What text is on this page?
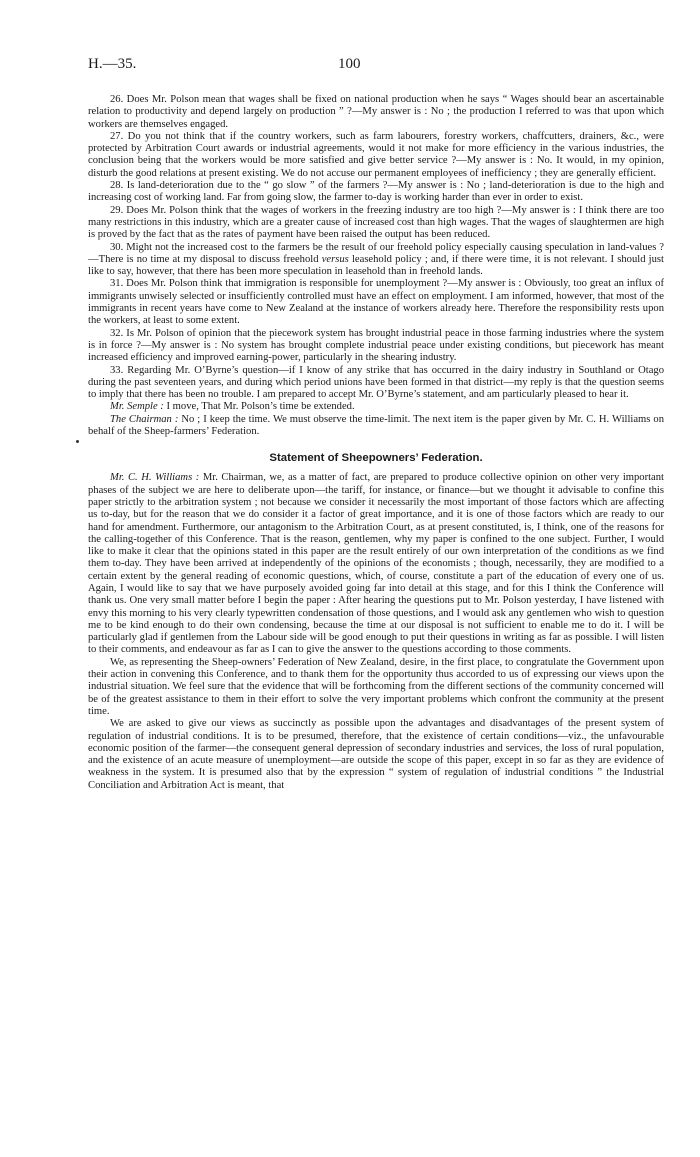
H.—35.	100

26. Does Mr. Polson mean that wages shall be fixed on national production when he says “ Wages should bear an ascertainable relation to productivity and depend largely on production ” ?—My answer is : No ; the production I referred to was that upon which workers are themselves engaged.

27. Do you not think that if the country workers, such as farm labourers, forestry workers, chaffcutters, drainers, &c., were protected by Arbitration Court awards or industrial agreements, would it not make for more efficiency in the various industries, the conclusion being that the workers would be more satisfied and give better service ?—My answer is : No. It would, in my opinion, disturb the good relations at present existing. We do not accuse our permanent employees of inefficiency ; they are generally efficient.

28. Is land-deterioration due to the “ go slow ” of the farmers ?—My answer is : No ; land-deterioration is due to the high and increasing cost of working land. Far from going slow, the farmer to-day is working harder than ever in order to exist.

29. Does Mr. Polson think that the wages of workers in the freezing industry are too high ?—My answer is : I think there are too many restrictions in this industry, which are a greater cause of increased cost than high wages. That the wages of slaughtermen are high is proved by the fact that as the rates of payment have been raised the output has been reduced.

30. Might not the increased cost to the farmers be the result of our freehold policy especially causing speculation in land-values ?—There is no time at my disposal to discuss freehold versus leasehold policy ; and, if there were time, it is not relevant. I should just like to say, however, that there has been more speculation in leasehold than in freehold lands.

31. Does Mr. Polson think that immigration is responsible for unemployment ?—My answer is : Obviously, too great an influx of immigrants unwisely selected or insufficiently controlled must have an effect on employment. I am informed, however, that most of the immigrants in recent years have come to New Zealand at the instance of workers already here. Therefore the responsibility rests upon the workers, at least to some extent.

32. Is Mr. Polson of opinion that the piecework system has brought industrial peace in those farming industries where the system is in force ?—My answer is : No system has brought complete industrial peace under existing conditions, but piecework has meant increased efficiency and improved earning-power, particularly in the shearing industry.

33. Regarding Mr. O’Byrne’s question—if I know of any strike that has occurred in the dairy industry in Southland or Otago during the past seventeen years, and during which period unions have been formed in that district—my reply is that the question seems to imply that there has been no trouble. I am prepared to accept Mr. O’Byrne’s statement, and am particularly pleased to hear it.

Mr. Semple : I move, That Mr. Polson’s time be extended.

The Chairman : No ; I keep the time. We must observe the time-limit. The next item is the paper given by Mr. C. H. Williams on behalf of the Sheep-farmers’ Federation.

Statement of Sheepowners’ Federation.

Mr. C. H. Williams : Mr. Chairman, we, as a matter of fact, are prepared to produce collective opinion on other very important phases of the subject we are here to deliberate upon—the tariff, for instance, or finance—but we thought it advisable to confine this paper strictly to the arbitration system ; not because we consider it necessarily the most important of those factors which are affecting us to-day, but for the reason that we do consider it a factor of great importance, and it is one of those factors which are ready to our hand for amendment. Furthermore, our antagonism to the Arbitration Court, as at present constituted, is, I think, one of the reasons for the calling-together of this Conference. That is the reason, gentlemen, why my paper is confined to the one subject. Further, I would like to make it clear that the opinions stated in this paper are the result entirely of our own interpretation of the conditions as we find them to-day. They have been arrived at independently of the opinions of the economists ; though, necessarily, they are modified to a certain extent by the general reading of economic questions, which, of course, constitute a part of the education of every one of us. Again, I would like to say that we have purposely avoided going far into detail at this stage, and for this I think the Conference will thank us. One very small matter before I begin the paper : After hearing the questions put to Mr. Polson yesterday, I have listened with envy this morning to his very clearly typewritten condensation of those questions, and I would ask any gentlemen who wish to question me to be kind enough to do their own condensing, because the time at our disposal is not sufficient to enable me to do it. I will be particularly glad if gentlemen from the Labour side will be good enough to put their questions in writing as far as possible. I will listen to their comments, and endeavour as far as I can to give the answer to the questions according to those comments.

We, as representing the Sheep-owners’ Federation of New Zealand, desire, in the first place, to congratulate the Government upon their action in convening this Conference, and to thank them for the opportunity thus accorded to us of expressing our views upon the industrial situation. We feel sure that the evidence that will be forthcoming from the different sections of the community concerned will be of the greatest assistance to them in their effort to solve the very important problems which confront the community at the present time.

We are asked to give our views as succinctly as possible upon the advantages and disadvantages of the present system of regulation of industrial conditions. It is to be presumed, therefore, that the existence of certain conditions—viz., the unfavourable economic position of the farmer—the consequent general depression of secondary industries and services, the loss of rural population, and the existence of an acute measure of unemployment—are outside the scope of this paper, except in so far as they are evidence of weakness in the system. It is presumed also that by the expression “ system of regulation of industrial conditions ” the Industrial Conciliation and Arbitration Act is meant, that
